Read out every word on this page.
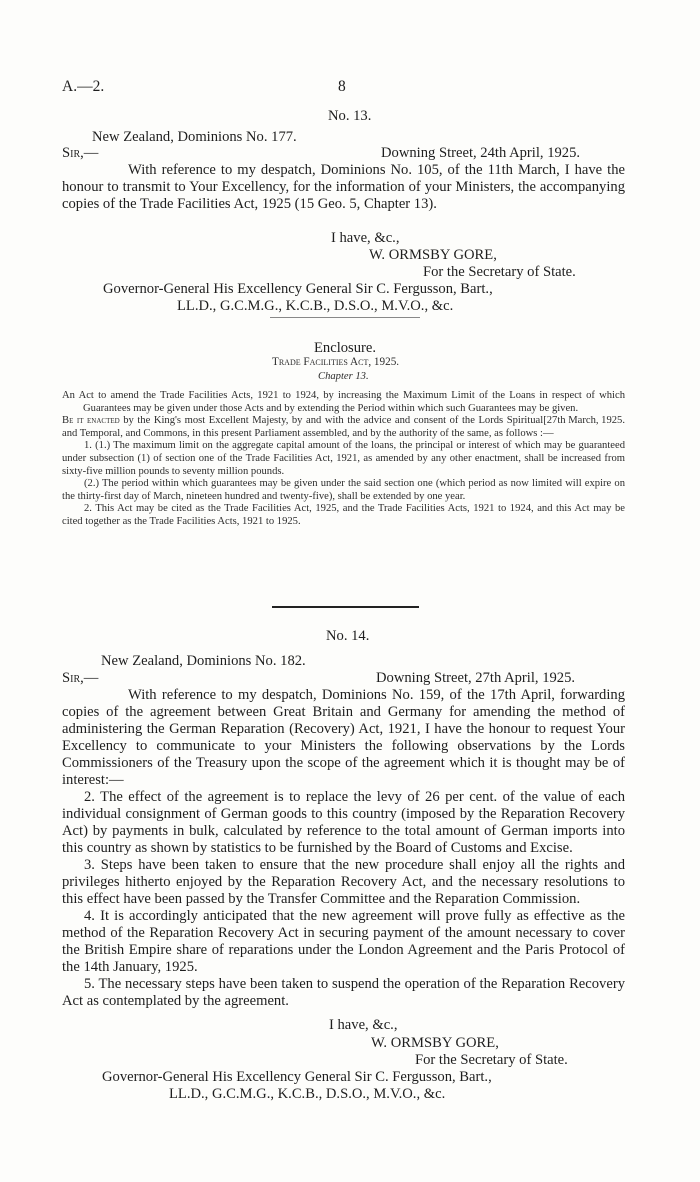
A.—2.	8
No. 13.
New Zealand, Dominions No. 177.
Sir,—	Downing Street, 24th April, 1925.

With reference to my despatch, Dominions No. 105, of the 11th March, I have the honour to transmit to Your Excellency, for the information of your Ministers, the accompanying copies of the Trade Facilities Act, 1925 (15 Geo. 5, Chapter 13).

I have, &c.,
W. ORMSBY GORE,
For the Secretary of State.
Governor-General His Excellency General Sir C. Fergusson, Bart.,
LL.D., G.C.M.G., K.C.B., D.S.O., M.V.O., &c.
Enclosure.
Trade Facilities Act, 1925.
Chapter 13.

An Act to amend the Trade Facilities Acts, 1921 to 1924, by increasing the Maximum Limit of the Loans in respect of which Guarantees may be given under those Acts and by extending the Period within which such Guarantees may be given.
[27th March, 1925.

Be it enacted by the King's most Excellent Majesty, by and with the advice and consent of the Lords Spiritual and Temporal, and Commons, in this present Parliament assembled, and by the authority of the same, as follows :—

1. (1.) The maximum limit on the aggregate capital amount of the loans, the principal or interest of which may be guaranteed under subsection (1) of section one of the Trade Facilities Act, 1921, as amended by any other enactment, shall be increased from sixty-five million pounds to seventy million pounds.

(2.) The period within which guarantees may be given under the said section one (which period as now limited will expire on the thirty-first day of March, nineteen hundred and twenty-five), shall be extended by one year.

2. This Act may be cited as the Trade Facilities Act, 1925, and the Trade Facilities Acts, 1921 to 1924, and this Act may be cited together as the Trade Facilities Acts, 1921 to 1925.

No. 14.
New Zealand, Dominions No. 182.
Sir,—	Downing Street, 27th April, 1925.

With reference to my despatch, Dominions No. 159, of the 17th April, forwarding copies of the agreement between Great Britain and Germany for amending the method of administering the German Reparation (Recovery) Act, 1921, I have the honour to request Your Excellency to communicate to your Ministers the following observations by the Lords Commissioners of the Treasury upon the scope of the agreement which it is thought may be of interest:—

2. The effect of the agreement is to replace the levy of 26 per cent. of the value of each individual consignment of German goods to this country (imposed by the Reparation Recovery Act) by payments in bulk, calculated by reference to the total amount of German imports into this country as shown by statistics to be furnished by the Board of Customs and Excise.

3. Steps have been taken to ensure that the new procedure shall enjoy all the rights and privileges hitherto enjoyed by the Reparation Recovery Act, and the necessary resolutions to this effect have been passed by the Transfer Committee and the Reparation Commission.

4. It is accordingly anticipated that the new agreement will prove fully as effective as the method of the Reparation Recovery Act in securing payment of the amount necessary to cover the British Empire share of reparations under the London Agreement and the Paris Protocol of the 14th January, 1925.

5. The necessary steps have been taken to suspend the operation of the Reparation Recovery Act as contemplated by the agreement.

I have, &c.,
W. ORMSBY GORE,
For the Secretary of State.
Governor-General His Excellency General Sir C. Fergusson, Bart.,
LL.D., G.C.M.G., K.C.B., D.S.O., M.V.O., &c.
